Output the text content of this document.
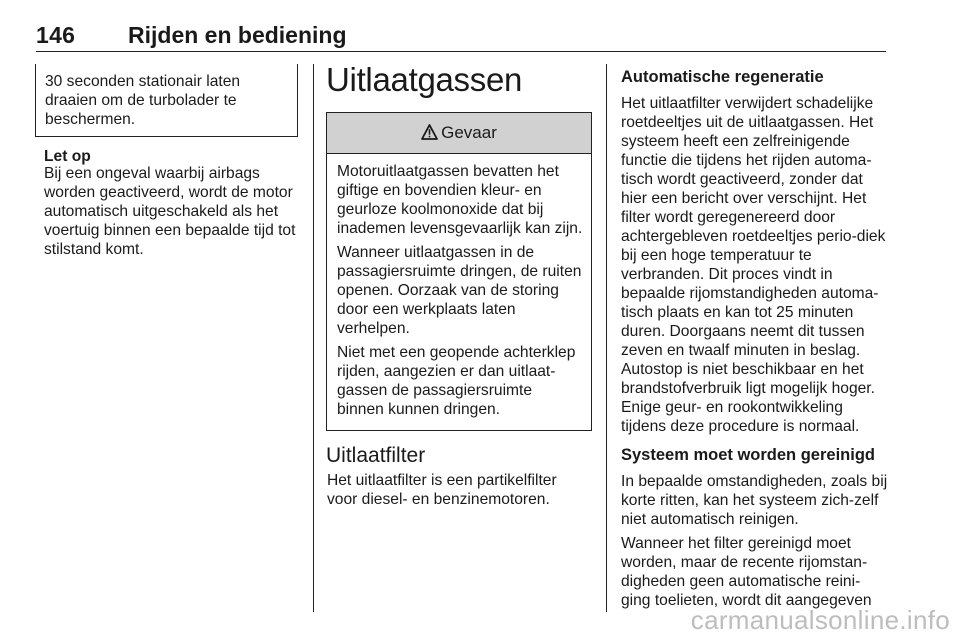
146 Rijden en bediening
30 seconden stationair laten draaien om de turbolader te beschermen.
Let op
Bij een ongeval waarbij airbags worden geactiveerd, wordt de motor automatisch uitgeschakeld als het voertuig binnen een bepaalde tijd tot stilstand komt.
Uitlaatgassen
Gevaar

Motoruitlaatgassen bevatten het giftige en bovendien kleur- en geurloze koolmonoxide dat bij inademen levensgevaarlijk kan zijn.

Wanneer uitlaatgassen in de passagiersruimte dringen, de ruiten openen. Oorzaak van de storing door een werkplaats laten verhelpen.

Niet met een geopende achterklep rijden, aangezien er dan uitlaat-gassen de passagiersruimte binnen kunnen dringen.

Uitlaatfilter
Het uitlaatfilter is een partikelfilter voor diesel- en benzinemotoren.
Automatische regeneratie

Het uitlaatfilter verwijdert schadelijke roetdeeltjes uit de uitlaatgassen. Het systeem heeft een zelfreinigende functie die tijdens het rijden automa-tisch wordt geactiveerd, zonder dat hier een bericht over verschijnt. Het filter wordt geregenereerd door achtergebleven roetdeeltjes perio-diek bij een hoge temperatuur te verbranden. Dit proces vindt in bepaalde rijomstandigheden automa-tisch plaats en kan tot 25 minuten duren. Doorgaans neemt dit tussen zeven en twaalf minuten in beslag. Autostop is niet beschikbaar en het brandstofverbruik ligt mogelijk hoger. Enige geur- en rookontwikkeling tijdens deze procedure is normaal.

Systeem moet worden gereinigd

In bepaalde omstandigheden, zoals bij korte ritten, kan het systeem zich-zelf niet automatisch reinigen.

Wanneer het filter gereinigd moet worden, maar de recente rijomstan-digheden geen automatische reini-ging toelieten, wordt dit aangegeven

carmanualsonline.info
